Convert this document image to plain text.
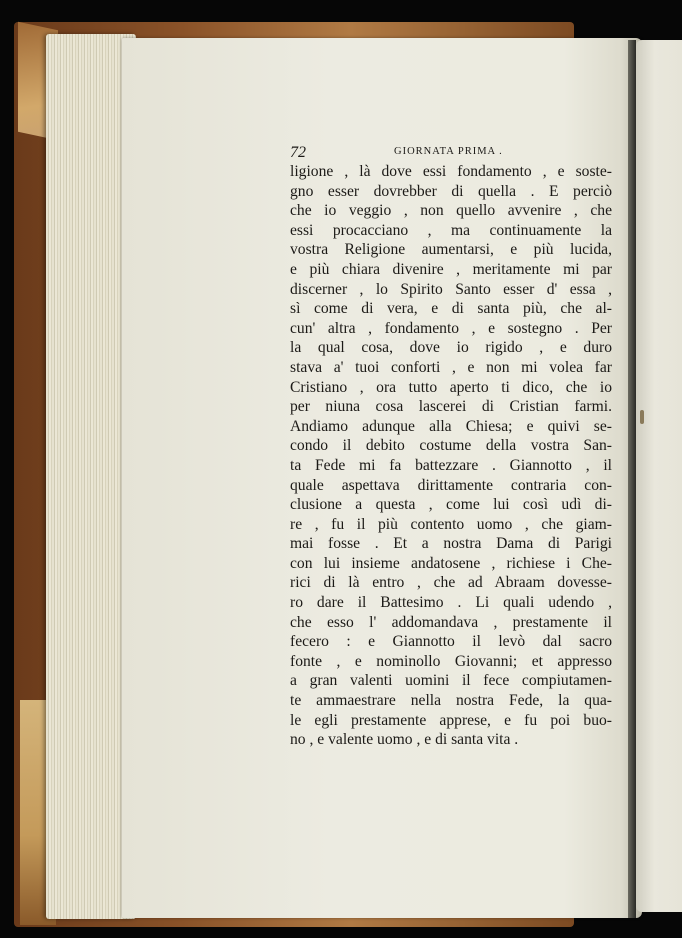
72	GIORNATA PRIMA .
ligione , là dove essi fondamento , e soste-
gno esser dovrebber di quella . E perciò
che io veggio , non quello avvenire , che
essi procacciano , ma continuamente la
vostra Religione aumentarsi, e più lucida,
e più chiara divenire , meritamente mi par
discerner , lo Spirito Santo esser d' essa ,
sì come di vera, e di santa più, che al-
cun' altra , fondamento , e sostegno . Per
la qual cosa, dove io rigido , e duro
stava a' tuoi conforti , e non mi volea far
Cristiano , ora tutto aperto ti dico, che io
per niuna cosa lascerei di Cristian farmi.
Andiamo adunque alla Chiesa; e quivi se-
condo il debito costume della vostra San-
ta Fede mi fa battezzare . Giannotto , il
quale aspettava dirittamente contraria con-
clusione a questa , come lui così udì di-
re , fu il più contento uomo , che giam-
mai fosse . Et a nostra Dama di Parigi
con lui insieme andatosene , richiese i Che-
rici di là entro , che ad Abraam dovesse-
ro dare il Battesimo . Li quali udendo ,
che esso l' addomandava , prestamente il
fecero : e Giannotto il levò dal sacro
fonte , e nominollo Giovanni; et appresso
a gran valenti uomini il fece compiutamen-
te ammaestrare nella nostra Fede, la qua-
le egli prestamente apprese, e fu poi buo-
no , e valente uomo , e di santa vita .
